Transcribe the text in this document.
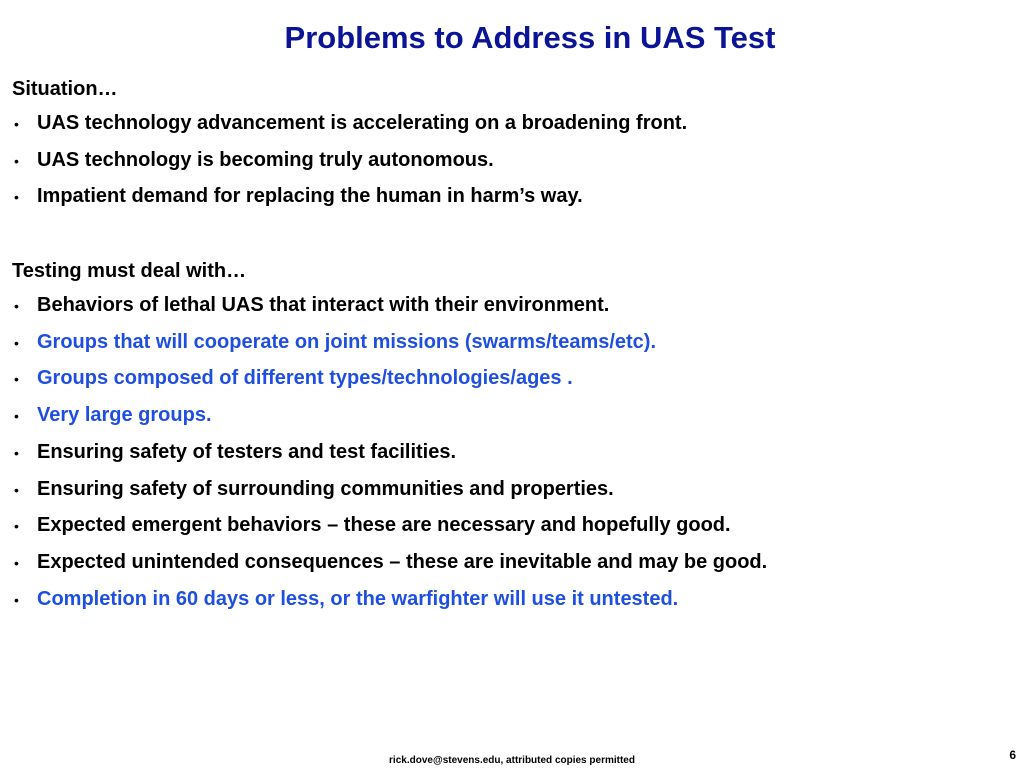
Problems to Address in UAS Test

Situation…

• UAS technology advancement is accelerating on a broadening front.
• UAS technology is becoming truly autonomous.
• Impatient demand for replacing the human in harm’s way.

Testing must deal with…

• Behaviors of lethal UAS that interact with their environment.
• Groups that will cooperate on joint missions (swarms/teams/etc).
• Groups composed of different types/technologies/ages .
• Very large groups.
• Ensuring safety of testers and test facilities.
• Ensuring safety of surrounding communities and properties.
• Expected emergent behaviors – these are necessary and hopefully good.
• Expected unintended consequences – these are inevitable and may be good.
• Completion in 60 days or less, or the warfighter will use it untested.
rick.dove@stevens.edu, attributed copies permitted	6
